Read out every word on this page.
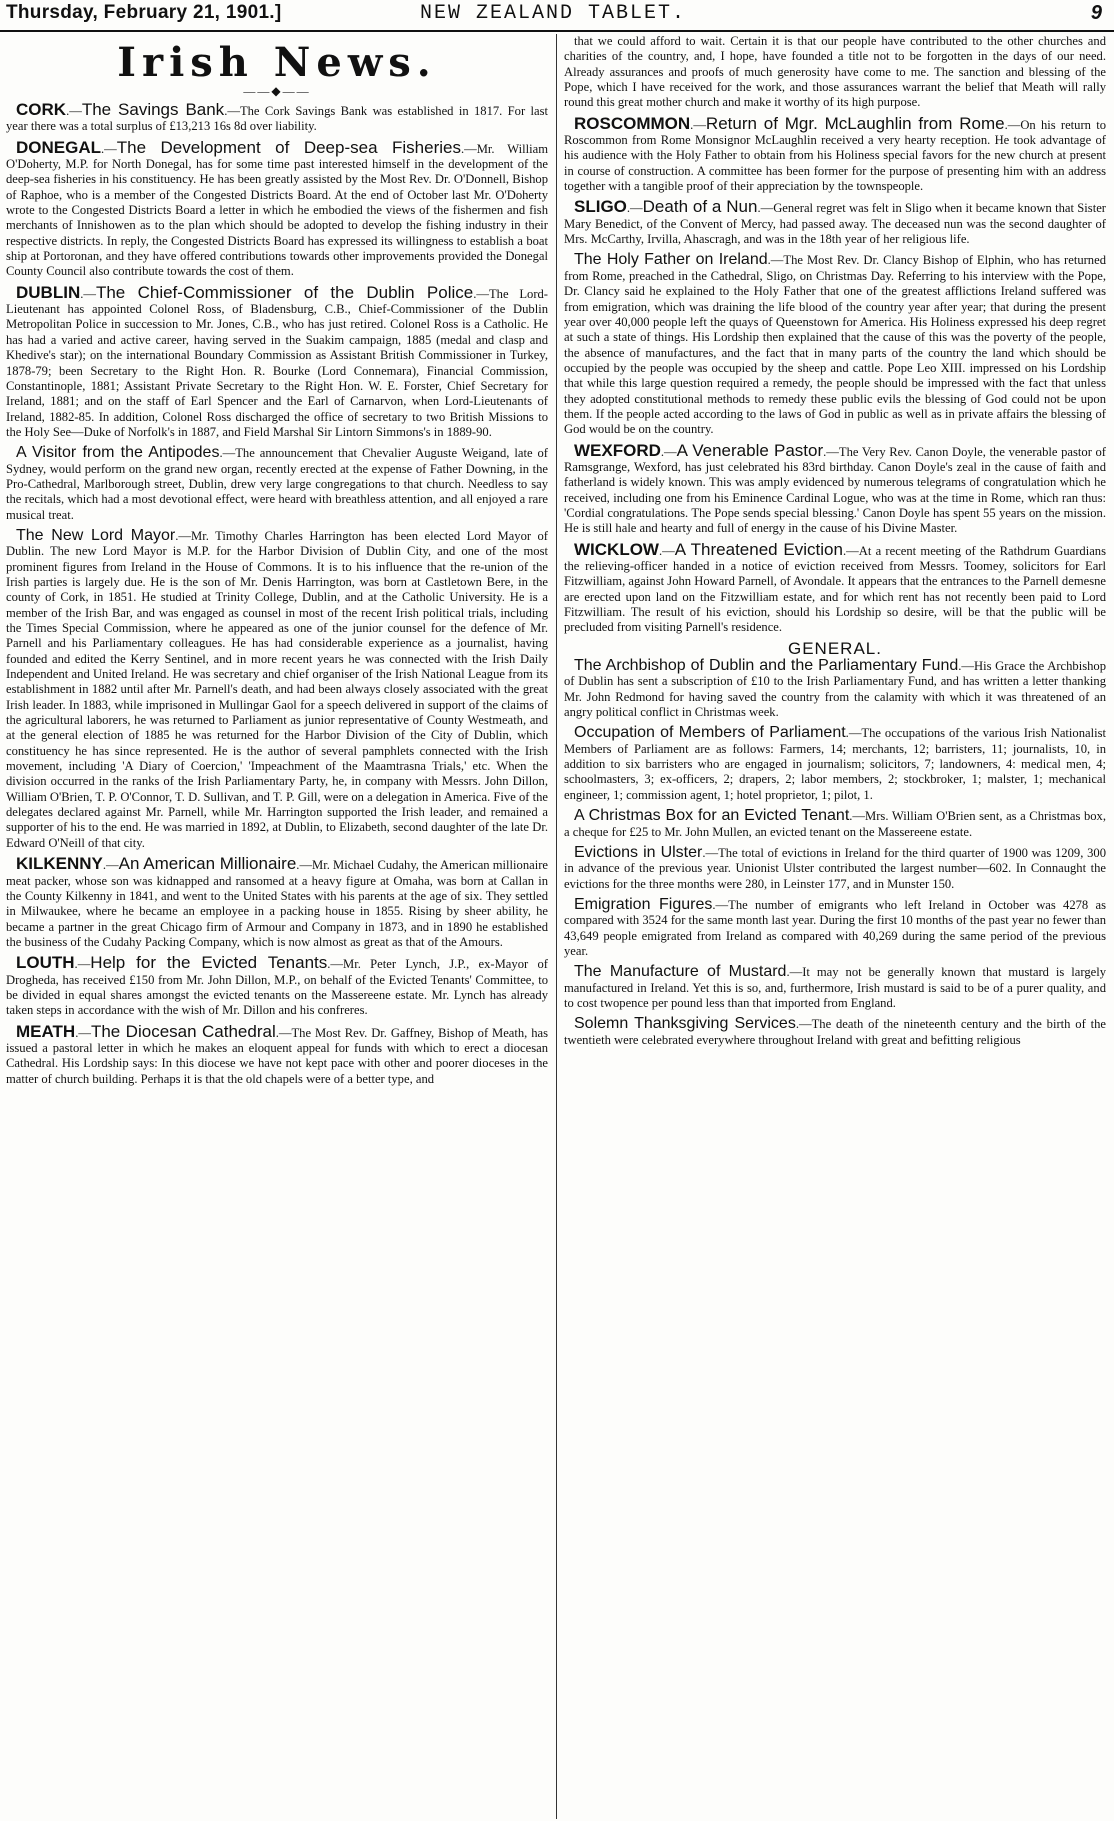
Thursday, February 21, 1901.]	NEW ZEALAND TABLET.	9
Irish News.
——◆——

CORK.—The Savings Bank.—The Cork Savings Bank was established in 1817. For last year there was a total surplus of £13,213 16s 8d over liability.

DONEGAL.—The Development of Deep-sea Fisheries.—Mr. William O'Doherty, M.P. for North Donegal, has for some time past interested himself in the development of the deep-sea fisheries in his constituency. He has been greatly assisted by the Most Rev. Dr. O'Donnell, Bishop of Raphoe, who is a member of the Congested Districts Board. At the end of October last Mr. O'Doherty wrote to the Congested Districts Board a letter in which he embodied the views of the fishermen and fish merchants of Innishowen as to the plan which should be adopted to develop the fishing industry in their respective districts. In reply, the Congested Districts Board has expressed its willingness to establish a boat ship at Portoronan, and they have offered contributions towards other improvements provided the Donegal County Council also contribute towards the cost of them.

DUBLIN.—The Chief-Commissioner of the Dublin Police.—The Lord-Lieutenant has appointed Colonel Ross, of Bladensburg, C.B., Chief-Commissioner of the Dublin Metropolitan Police in succession to Mr. Jones, C.B., who has just retired. Colonel Ross is a Catholic. He has had a varied and active career, having served in the Suakim campaign, 1885 (medal and clasp and Khedive's star); on the international Boundary Commission as Assistant British Commissioner in Turkey, 1878-79; been Secretary to the Right Hon. R. Bourke (Lord Connemara), Financial Commission, Constantinople, 1881; Assistant Private Secretary to the Right Hon. W. E. Forster, Chief Secretary for Ireland, 1881; and on the staff of Earl Spencer and the Earl of Carnarvon, when Lord-Lieutenants of Ireland, 1882-85. In addition, Colonel Ross discharged the office of secretary to two British Missions to the Holy See—Duke of Norfolk's in 1887, and Field Marshal Sir Lintorn Simmons's in 1889-90.

A Visitor from the Antipodes.—The announcement that Chevalier Auguste Weigand, late of Sydney, would perform on the grand new organ, recently erected at the expense of Father Downing, in the Pro-Cathedral, Marlborough street, Dublin, drew very large congregations to that church. Needless to say the recitals, which had a most devotional effect, were heard with breathless attention, and all enjoyed a rare musical treat.

The New Lord Mayor.—Mr. Timothy Charles Harrington has been elected Lord Mayor of Dublin. The new Lord Mayor is M.P. for the Harbor Division of Dublin City, and one of the most prominent figures from Ireland in the House of Commons. It is to his influence that the re-union of the Irish parties is largely due. He is the son of Mr. Denis Harrington, was born at Castletown Bere, in the county of Cork, in 1851. He studied at Trinity College, Dublin, and at the Catholic University. He is a member of the Irish Bar, and was engaged as counsel in most of the recent Irish political trials, including the Times Special Commission, where he appeared as one of the junior counsel for the defence of Mr. Parnell and his Parliamentary colleagues. He has had considerable experience as a journalist, having founded and edited the Kerry Sentinel, and in more recent years he was connected with the Irish Daily Independent and United Ireland. He was secretary and chief organiser of the Irish National League from its establishment in 1882 until after Mr. Parnell's death, and had been always closely associated with the great Irish leader. In 1883, while imprisoned in Mullingar Gaol for a speech delivered in support of the claims of the agricultural laborers, he was returned to Parliament as junior representative of County Westmeath, and at the general election of 1885 he was returned for the Harbor Division of the City of Dublin, which constituency he has since represented. He is the author of several pamphlets connected with the Irish movement, including 'A Diary of Coercion,' 'Impeachment of the Maamtrasna Trials,' etc. When the division occurred in the ranks of the Irish Parliamentary Party, he, in company with Messrs. John Dillon, William O'Brien, T. P. O'Connor, T. D. Sullivan, and T. P. Gill, were on a delegation in America. Five of the delegates declared against Mr. Parnell, while Mr. Harrington supported the Irish leader, and remained a supporter of his to the end. He was married in 1892, at Dublin, to Elizabeth, second daughter of the late Dr. Edward O'Neill of that city.

KILKENNY.—An American Millionaire.—Mr. Michael Cudahy, the American millionaire meat packer, whose son was kidnapped and ransomed at a heavy figure at Omaha, was born at Callan in the County Kilkenny in 1841, and went to the United States with his parents at the age of six. They settled in Milwaukee, where he became an employee in a packing house in 1855. Rising by sheer ability, he became a partner in the great Chicago firm of Armour and Company in 1873, and in 1890 he established the business of the Cudahy Packing Company, which is now almost as great as that of the Amours.

LOUTH.—Help for the Evicted Tenants.—Mr. Peter Lynch, J.P., ex-Mayor of Drogheda, has received £150 from Mr. John Dillon, M.P., on behalf of the Evicted Tenants' Committee, to be divided in equal shares amongst the evicted tenants on the Massereene estate. Mr. Lynch has already taken steps in accordance with the wish of Mr. Dillon and his confreres.

MEATH.—The Diocesan Cathedral.—The Most Rev. Dr. Gaffney, Bishop of Meath, has issued a pastoral letter in which he makes an eloquent appeal for funds with which to erect a diocesan Cathedral. His Lordship says: In this diocese we have not kept pace with other and poorer dioceses in the matter of church building. Perhaps it is that the old chapels were of a better type, and

that we could afford to wait. Certain it is that our people have contributed to the other churches and charities of the country, and, I hope, have founded a title not to be forgotten in the days of our need. Already assurances and proofs of much generosity have come to me. The sanction and blessing of the Pope, which I have received for the work, and those assurances warrant the belief that Meath will rally round this great mother church and make it worthy of its high purpose.

ROSCOMMON.—Return of Mgr. McLaughlin from Rome.—On his return to Roscommon from Rome Monsignor McLaughlin received a very hearty reception. He took advantage of his audience with the Holy Father to obtain from his Holiness special favors for the new church at present in course of construction. A committee has been former for the purpose of presenting him with an address together with a tangible proof of their appreciation by the townspeople.

SLIGO.—Death of a Nun.—General regret was felt in Sligo when it became known that Sister Mary Benedict, of the Convent of Mercy, had passed away. The deceased nun was the second daughter of Mrs. McCarthy, Irvilla, Ahascragh, and was in the 18th year of her religious life.

The Holy Father on Ireland.—The Most Rev. Dr. Clancy Bishop of Elphin, who has returned from Rome, preached in the Cathedral, Sligo, on Christmas Day. Referring to his interview with the Pope, Dr. Clancy said he explained to the Holy Father that one of the greatest afflictions Ireland suffered was from emigration, which was draining the life blood of the country year after year; that during the present year over 40,000 people left the quays of Queenstown for America. His Holiness expressed his deep regret at such a state of things. His Lordship then explained that the cause of this was the poverty of the people, the absence of manufactures, and the fact that in many parts of the country the land which should be occupied by the people was occupied by the sheep and cattle. Pope Leo XIII. impressed on his Lordship that while this large question required a remedy, the people should be impressed with the fact that unless they adopted constitutional methods to remedy these public evils the blessing of God could not be upon them. If the people acted according to the laws of God in public as well as in private affairs the blessing of God would be on the country.

WEXFORD.—A Venerable Pastor.—The Very Rev. Canon Doyle, the venerable pastor of Ramsgrange, Wexford, has just celebrated his 83rd birthday. Canon Doyle's zeal in the cause of faith and fatherland is widely known. This was amply evidenced by numerous telegrams of congratulation which he received, including one from his Eminence Cardinal Logue, who was at the time in Rome, which ran thus: 'Cordial congratulations. The Pope sends special blessing.' Canon Doyle has spent 55 years on the mission. He is still hale and hearty and full of energy in the cause of his Divine Master.

WICKLOW.—A Threatened Eviction.—At a recent meeting of the Rathdrum Guardians the relieving-officer handed in a notice of eviction received from Messrs. Toomey, solicitors for Earl Fitzwilliam, against John Howard Parnell, of Avondale. It appears that the entrances to the Parnell demesne are erected upon land on the Fitzwilliam estate, and for which rent has not recently been paid to Lord Fitzwilliam. The result of his eviction, should his Lordship so desire, will be that the public will be precluded from visiting Parnell's residence.

GENERAL.

The Archbishop of Dublin and the Parliamentary Fund.—His Grace the Archbishop of Dublin has sent a subscription of £10 to the Irish Parliamentary Fund, and has written a letter thanking Mr. John Redmond for having saved the country from the calamity with which it was threatened of an angry political conflict in Christmas week.

Occupation of Members of Parliament.—The occupations of the various Irish Nationalist Members of Parliament are as follows: Farmers, 14; merchants, 12; barristers, 11; journalists, 10, in addition to six barristers who are engaged in journalism; solicitors, 7; landowners, 4: medical men, 4; schoolmasters, 3; ex-officers, 2; drapers, 2; labor members, 2; stockbroker, 1; malster, 1; mechanical engineer, 1; commission agent, 1; hotel proprietor, 1; pilot, 1.

A Christmas Box for an Evicted Tenant.—Mrs. William O'Brien sent, as a Christmas box, a cheque for £25 to Mr. John Mullen, an evicted tenant on the Massereene estate.

Evictions in Ulster.—The total of evictions in Ireland for the third quarter of 1900 was 1209, 300 in advance of the previous year. Unionist Ulster contributed the largest number—602. In Connaught the evictions for the three months were 280, in Leinster 177, and in Munster 150.

Emigration Figures.—The number of emigrants who left Ireland in October was 4278 as compared with 3524 for the same month last year. During the first 10 months of the past year no fewer than 43,649 people emigrated from Ireland as compared with 40,269 during the same period of the previous year.

The Manufacture of Mustard.—It may not be generally known that mustard is largely manufactured in Ireland. Yet this is so, and, furthermore, Irish mustard is said to be of a purer quality, and to cost twopence per pound less than that imported from England.

Solemn Thanksgiving Services.—The death of the nineteenth century and the birth of the twentieth were celebrated everywhere throughout Ireland with great and befitting religious
